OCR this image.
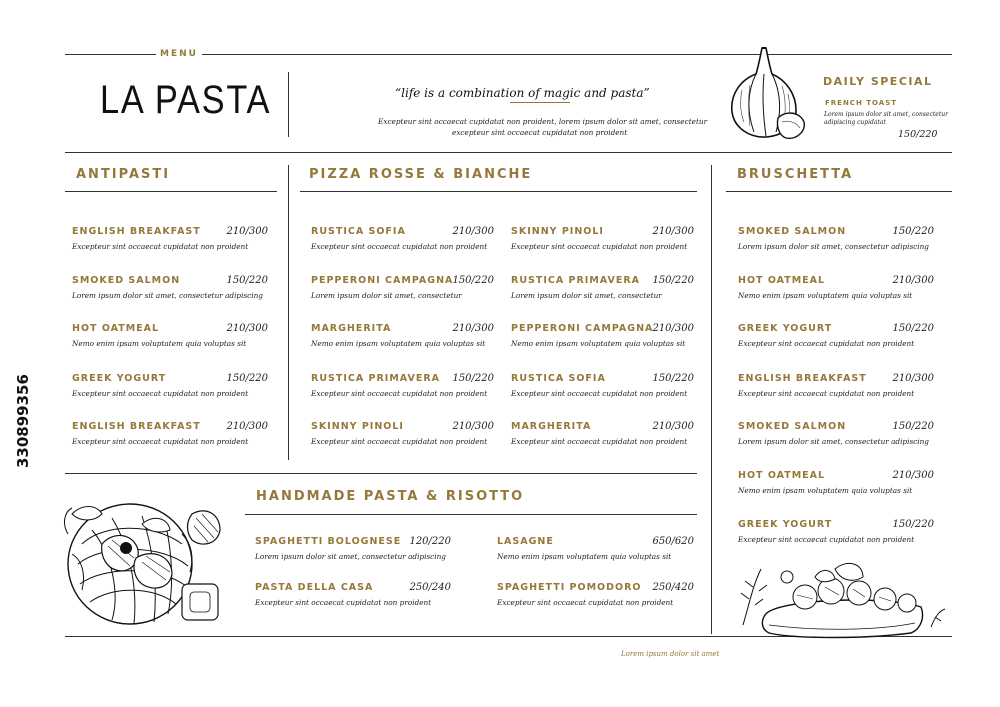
MENU
LA PASTA	“life is a combination of magic and pasta”
Excepteur sint occaecat cupidatat non proident, lorem ipsum dolor sit amet, consectetur
excepteur sint occaecat cupidatat non proident
DAILY SPECIAL
FRENCH TOAST
Lorem ipsum dolor sit amet, consectetur
adipiscing cupidatat
150/220
ANTIPASTI	PIZZA ROSSE & BIANCHE	BRUSCHETTA
HANDMADE PASTA & RISOTTO
ENGLISH BREAKFAST	210/300
Excepteur sint occaecat cupidatat non proident
SMOKED SALMON	150/220
Lorem ipsum dolor sit amet, consectetur adipiscing
HOT OATMEAL	210/300
Nemo enim ipsam voluptatem quia voluptas sit
GREEK YOGURT	150/220
Excepteur sint occaecat cupidatat non proident
ENGLISH BREAKFAST	210/300
Excepteur sint occaecat cupidatat non proident
RUSTICA SOFIA	210/300
Excepteur sint occaecat cupidatat non proident
PEPPERONI CAMPAGNA 150/220
Lorem ipsum dolor sit amet, consectetur
MARGHERITA	210/300
Nemo enim ipsam voluptatem quia voluptas sit
RUSTICA PRIMAVERA 150/220
Excepteur sint occaecat cupidatat non proident
SKINNY PINOLI	210/300
Excepteur sint occaecat cupidatat non proident
SKINNY PINOLI	210/300
Excepteur sint occaecat cupidatat non proident
RUSTICA PRIMAVERA 150/220
Lorem ipsum dolor sit amet, consectetur
PEPPERONI CAMPAGNA 210/300
Nemo enim ipsam voluptatem quia voluptas sit
RUSTICA SOFIA	150/220
Excepteur sint occaecat cupidatat non proident
MARGHERITA	210/300
Excepteur sint occaecat cupidatat non proident
SMOKED SALMON	150/220
Lorem ipsum dolor sit amet, consectetur adipiscing
HOT OATMEAL	210/300
Nemo enim ipsam voluptatem quia voluptas sit
GREEK YOGURT	150/220
Excepteur sint occaecat cupidatat non proident
ENGLISH BREAKFAST	210/300
Excepteur sint occaecat cupidatat non proident
SMOKED SALMON	150/220
Lorem ipsum dolor sit amet, consectetur adipiscing
HOT OATMEAL	210/300
Nemo enim ipsam voluptatem quia voluptas sit
GREEK YOGURT	150/220
Excepteur sint occaecat cupidatat non proident
SPAGHETTI BOLOGNESE 120/220
Lorem ipsum dolor sit amet, consectetur adipiscing
PASTA DELLA CASA	250/240
Excepteur sint occaecat cupidatat non proident
LASAGNE	650/620
Nemo enim ipsam voluptatem quia voluptas sit
SPAGHETTI POMODORO 250/420
Excepteur sint occaecat cupidatat non proident
Lorem ipsum dolor sit amet
330899356
